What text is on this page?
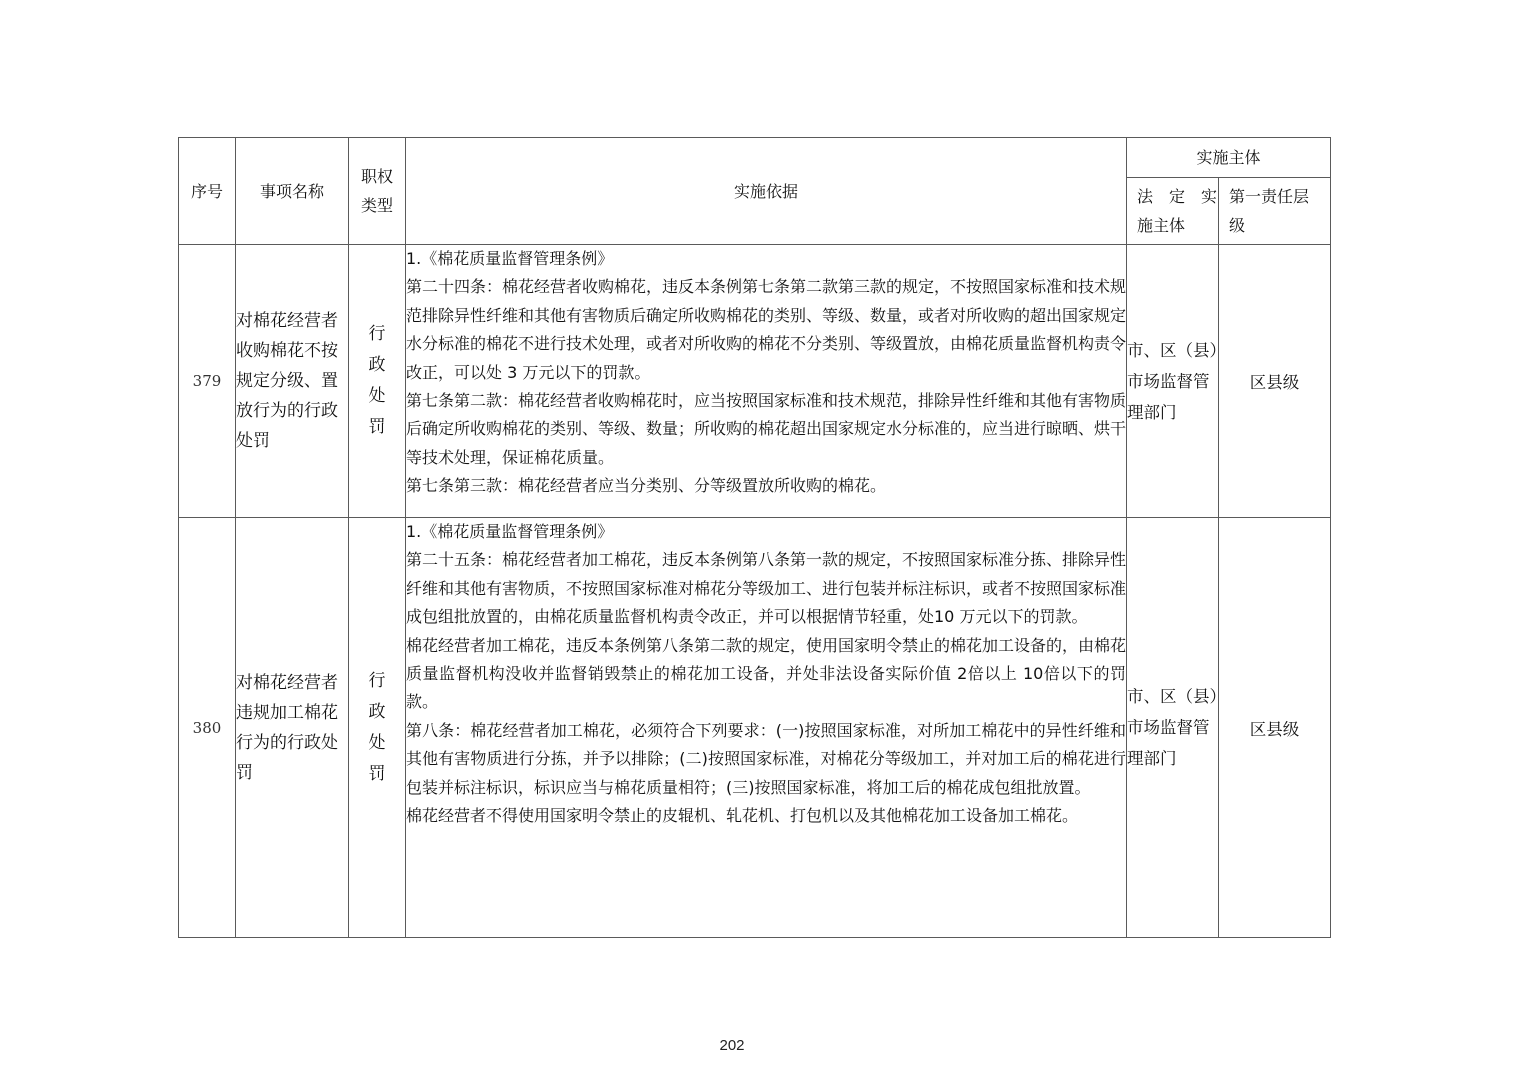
序号	事项名称	职权类型	实施依据	实施主体	
				法　定　实施主体	第一责任层级
379	对棉花经营者收购棉花不按规定分级、置放行为的行政处罚	行政处罚	1.《棉花质量监督管理条例》

第二十四条：棉花经营者收购棉花，违反本条例第七条第二款第三款的规定，不按照国家标准和技术规范排除异性纤维和其他有害物质后确定所收购棉花的类别、等级、数量，或者对所收购的超出国家规定水分标准的棉花不进行技术处理，或者对所收购的棉花不分类别、等级置放，由棉花质量监督机构责令改正，可以处 3 万元以下的罚款。

第七条第二款：棉花经营者收购棉花时，应当按照国家标准和技术规范，排除异性纤维和其他有害物质后确定所收购棉花的类别、等级、数量；所收购的棉花超出国家规定水分标准的，应当进行晾晒、烘干等技术处理，保证棉花质量。

第七条第三款：棉花经营者应当分类别、分等级置放所收购的棉花。	市、区（县）市场监督管理部门	区县级
380	对棉花经营者违规加工棉花行为的行政处罚	行政处罚	1.《棉花质量监督管理条例》

第二十五条：棉花经营者加工棉花，违反本条例第八条第一款的规定，不按照国家标准分拣、排除异性纤维和其他有害物质，不按照国家标准对棉花分等级加工、进行包装并标注标识，或者不按照国家标准成包组批放置的，由棉花质量监督机构责令改正，并可以根据情节轻重，处10 万元以下的罚款。

棉花经营者加工棉花，违反本条例第八条第二款的规定，使用国家明令禁止的棉花加工设备的，由棉花质量监督机构没收并监督销毁禁止的棉花加工设备，并处非法设备实际价值 2倍以上 10倍以下的罚款。

第八条：棉花经营者加工棉花，必须符合下列要求：(一)按照国家标准，对所加工棉花中的异性纤维和其他有害物质进行分拣，并予以排除；(二)按照国家标准，对棉花分等级加工，并对加工后的棉花进行包装并标注标识，标识应当与棉花质量相符；(三)按照国家标准，将加工后的棉花成包组批放置。

棉花经营者不得使用国家明令禁止的皮辊机、轧花机、打包机以及其他棉花加工设备加工棉花。	市、区（县）市场监督管理部门	区县级
202
